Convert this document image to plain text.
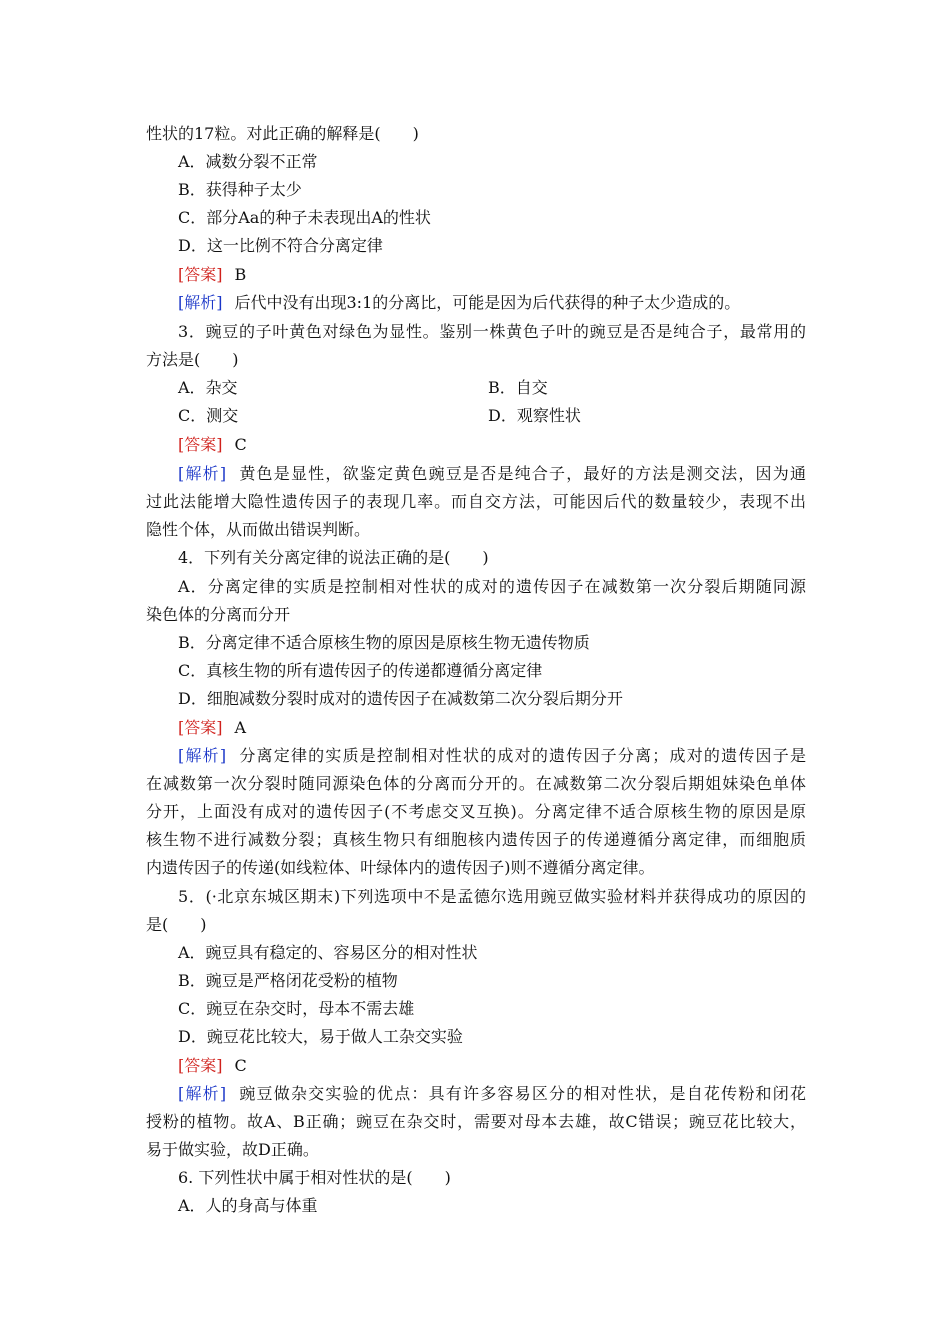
性状的17粒。对此正确的解释是(　　)
A．减数分裂不正常
B．获得种子太少
C．部分Aa的种子未表现出A的性状
D．这一比例不符合分离定律
[答案] B
[解析] 后代中没有出现3:1的分离比，可能是因为后代获得的种子太少造成的。
3．豌豆的子叶黄色对绿色为显性。鉴别一株黄色子叶的豌豆是否是纯合子，最常用的
方法是(　　)
A．杂交	B．自交
C．测交	D．观察性状
[答案] C
[解析] 黄色是显性，欲鉴定黄色豌豆是否是纯合子，最好的方法是测交法，因为通
过此法能增大隐性遗传因子的表现几率。而自交方法，可能因后代的数量较少，表现不出
隐性个体，从而做出错误判断。
4．下列有关分离定律的说法正确的是(　　)
A．分离定律的实质是控制相对性状的成对的遗传因子在减数第一次分裂后期随同源
染色体的分离而分开
B．分离定律不适合原核生物的原因是原核生物无遗传物质
C．真核生物的所有遗传因子的传递都遵循分离定律
D．细胞减数分裂时成对的遗传因子在减数第二次分裂后期分开
[答案] A
[解析] 分离定律的实质是控制相对性状的成对的遗传因子分离；成对的遗传因子是
在减数第一次分裂时随同源染色体的分离而分开的。在减数第二次分裂后期姐妹染色单体
分开，上面没有成对的遗传因子(不考虑交叉互换)。分离定律不适合原核生物的原因是原
核生物不进行减数分裂；真核生物只有细胞核内遗传因子的传递遵循分离定律，而细胞质
内遗传因子的传递(如线粒体、叶绿体内的遗传因子)则不遵循分离定律。
5．(·北京东城区期末)下列选项中不是孟德尔选用豌豆做实验材料并获得成功的原因的
是(　　)
A．豌豆具有稳定的、容易区分的相对性状
B．豌豆是严格闭花受粉的植物
C．豌豆在杂交时，母本不需去雄
D．豌豆花比较大，易于做人工杂交实验
[答案] C
[解析] 豌豆做杂交实验的优点：具有许多容易区分的相对性状，是自花传粉和闭花
授粉的植物。故A、B正确；豌豆在杂交时，需要对母本去雄，故C错误；豌豆花比较大，
易于做实验，故D正确。
6. 下列性状中属于相对性状的是(　　)
A．人的身高与体重
